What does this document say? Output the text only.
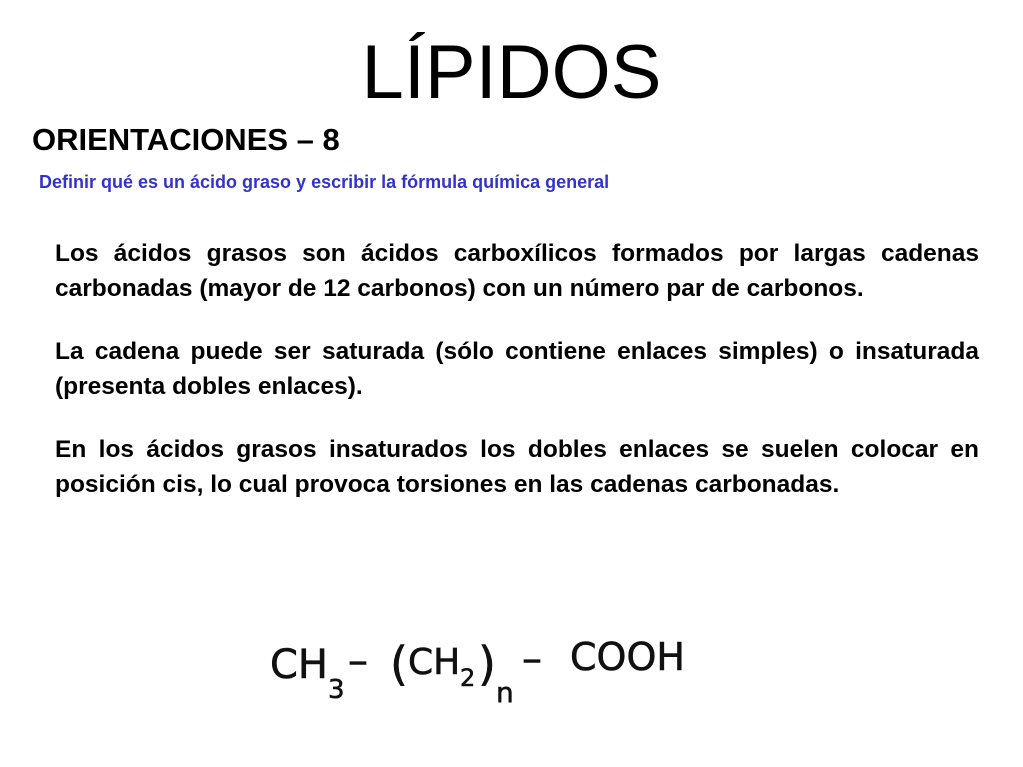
LÍPIDOS
ORIENTACIONES – 8
Definir qué es un ácido graso y escribir la fórmula química general

Los ácidos grasos son ácidos carboxílicos formados por largas cadenas carbonadas (mayor de 12 carbonos) con un número par de carbonos.

La cadena puede ser saturada (sólo contiene enlaces simples) o insaturada (presenta dobles enlaces).

En los ácidos grasos insaturados los dobles enlaces se suelen colocar en posición cis, lo cual provoca torsiones en las cadenas carbonadas.

CH
3
– ( CH 2 )
n
– COOH
